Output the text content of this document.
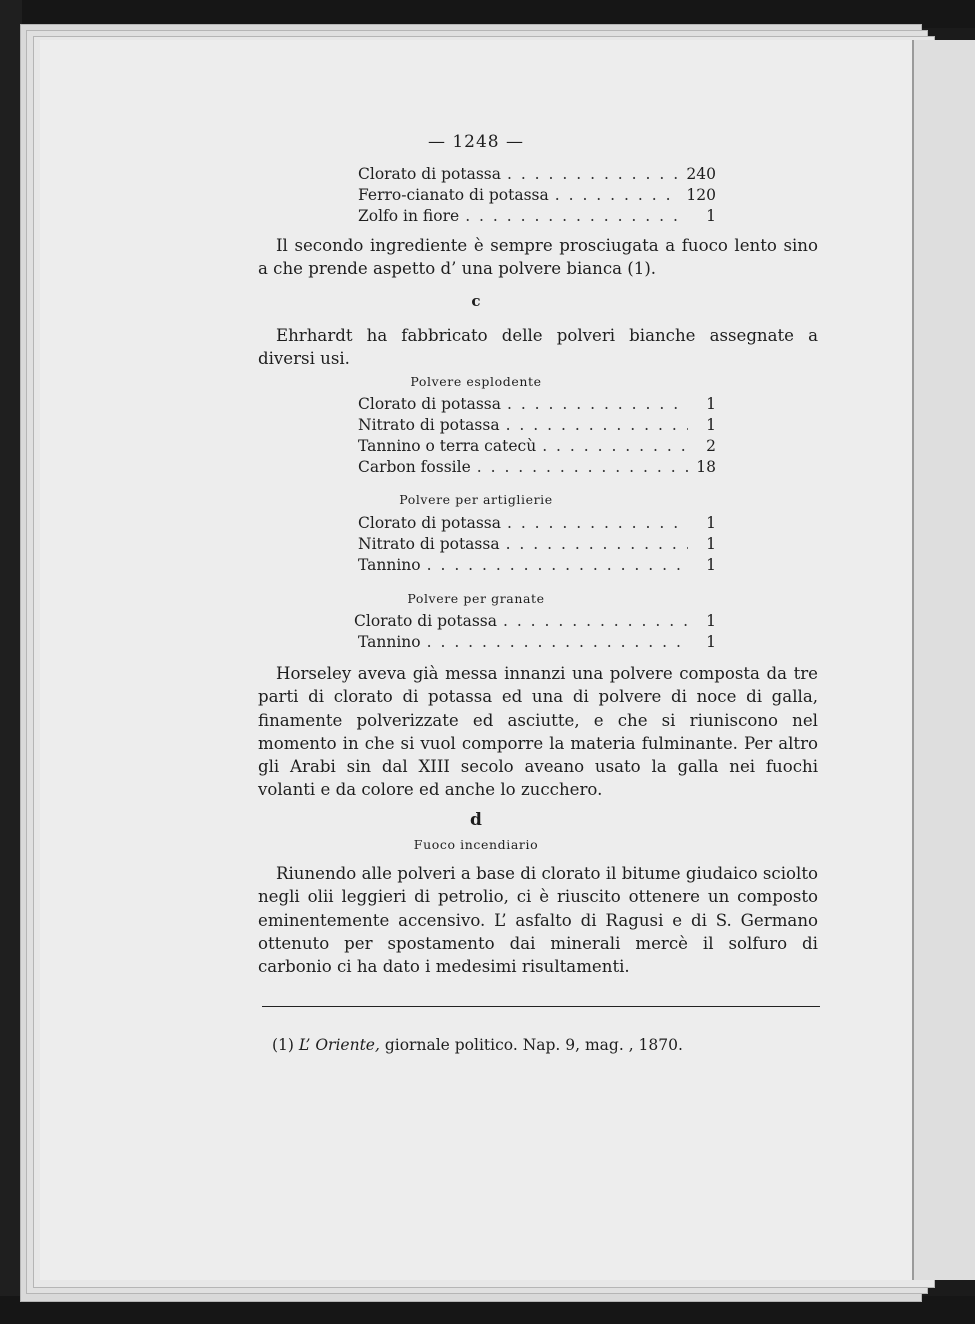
— 1248 —
Clorato di potassa . . .	240
Ferro-cianato di potassa . . .	120
Zolfo in fiore . . .	1
Il secondo ingrediente è sempre prosciugata a fuoco lento sino a che prende aspetto d’ una polvere bianca (1).
c
Ehrhardt ha fabbricato delle polveri bianche assegnate a diversi usi.
Polvere esplodente
Clorato di potassa . . .	1
Nitrato di potassa . . .	1
Tannino o terra catecù . . .	2
Carbon fossile . . .	18
Polvere per artiglierie
Clorato di potassa . . .	1
Nitrato di potassa . . .	1
Tannino . . .	1
Polvere per granate
Clorato di potassa . . .	1
Tannino . . .	1
Horseley aveva già messa innanzi una polvere composta da tre parti di clorato di potassa ed una di polvere di noce di galla, finamente polverizzate ed asciutte, e che si riuniscono nel momento in che si vuol comporre la materia fulminante. Per altro gli Arabi sin dal XIII secolo aveano usato la galla nei fuochi volanti e da colore ed anche lo zucchero.
d
Fuoco incendiario
Riunendo alle polveri a base di clorato il bitume giudaico sciolto negli olii leggieri di petrolio, ci è riuscito ottenere un composto eminentemente accensivo. L’ asfalto di Ragusi e di S. Germano ottenuto per spostamento dai minerali mercè il solfuro di carbonio ci ha dato i medesimi risultamenti.
(1) L’ Oriente, giornale politico. Nap. 9, mag. , 1870.
